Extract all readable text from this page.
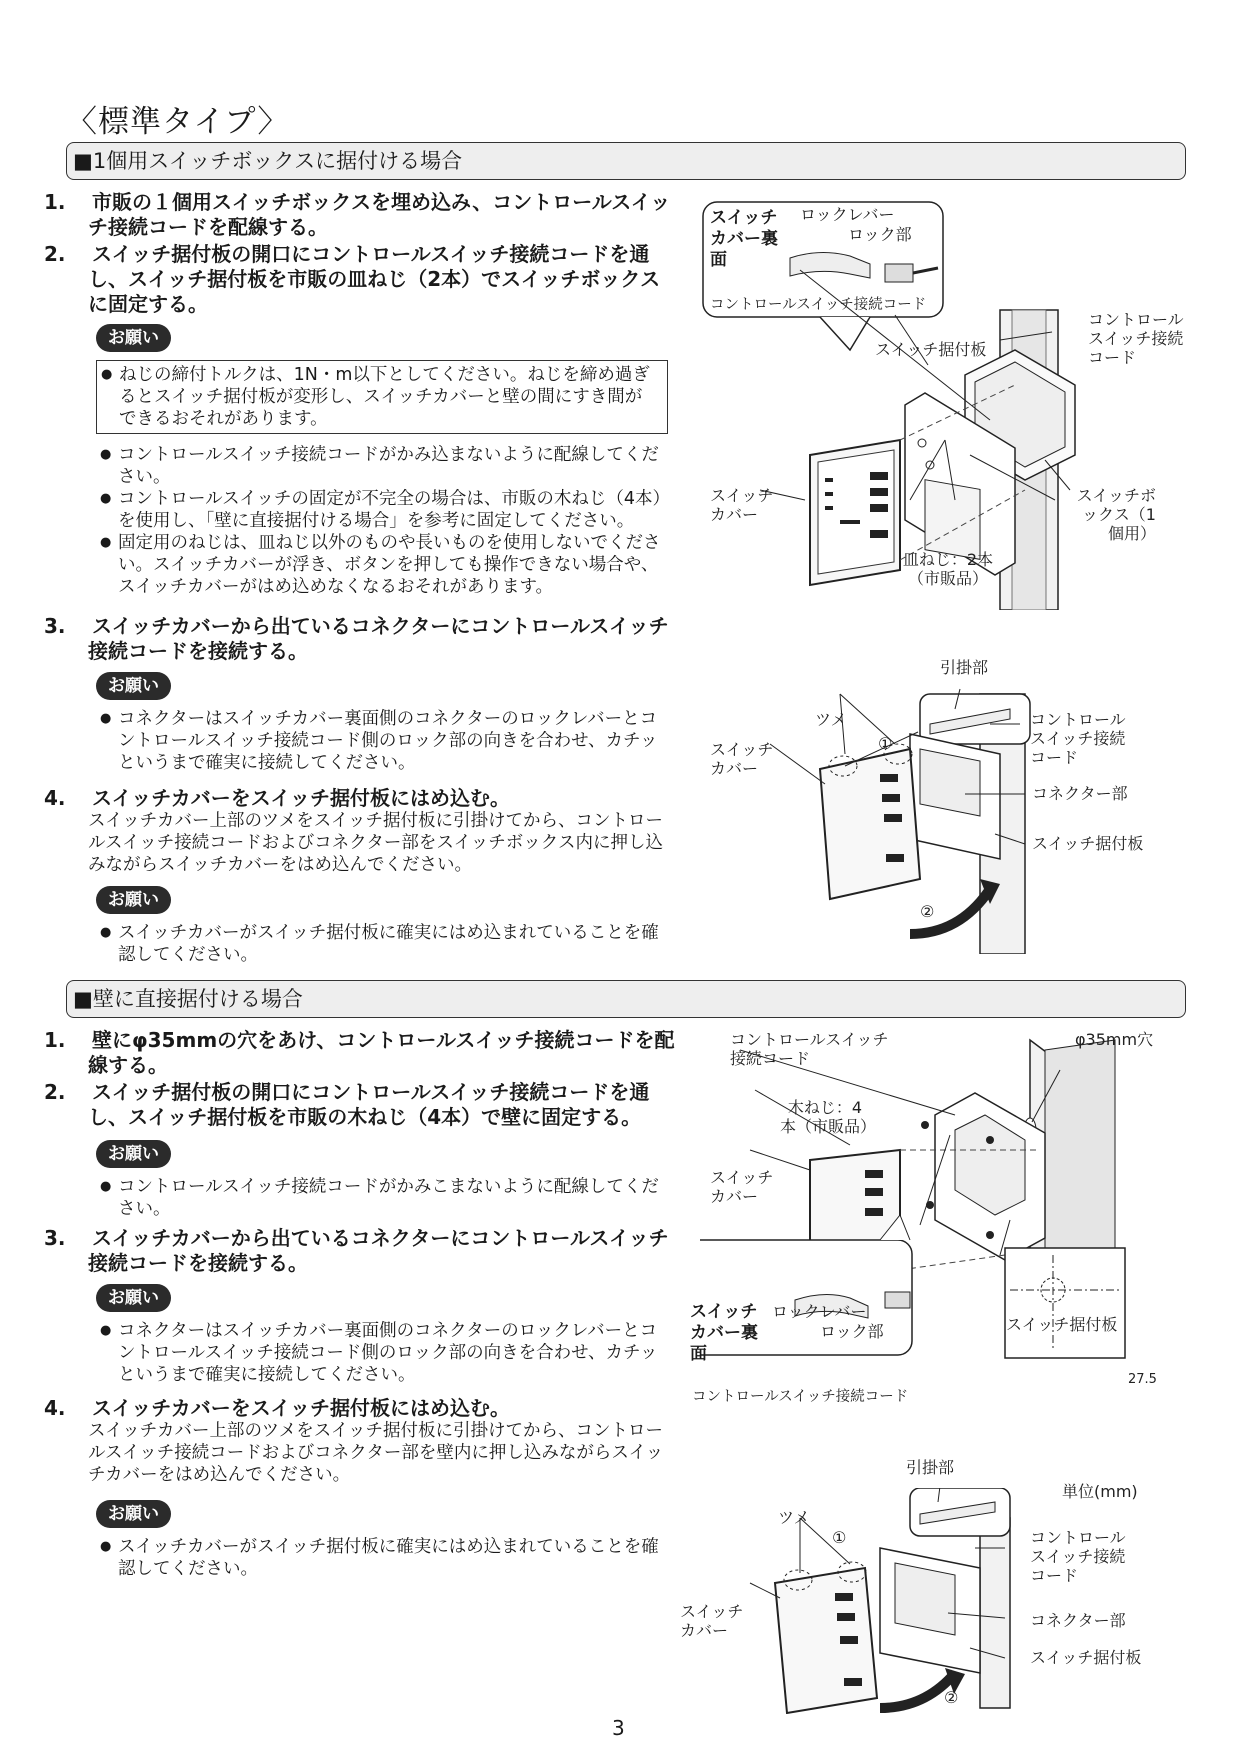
〈標準タイプ〉
■1個用スイッチボックスに据付ける場合
1. 市販の１個用スイッチボックスを埋め込み、コントロールスイッチ接続コードを配線する。
2. スイッチ据付板の開口にコントロールスイッチ接続コードを通し、スイッチ据付板を市販の皿ねじ（2本）でスイッチボックスに固定する。
お願い
● ねじの締付トルクは、1N・m以下としてください。ねじを締め過ぎるとスイッチ据付板が変形し、スイッチカバーと壁の間にすき間ができるおそれがあります。
● コントロールスイッチ接続コードがかみ込まないように配線してください。
● コントロールスイッチの固定が不完全の場合は、市販の木ねじ（4本）を使用し、「壁に直接据付ける場合」を参考に固定してください。
● 固定用のねじは、皿ねじ以外のものや長いものを使用しないでください。スイッチカバーが浮き、ボタンを押しても操作できない場合や、スイッチカバーがはめ込めなくなるおそれがあります。
3. スイッチカバーから出ているコネクターにコントロールスイッチ接続コードを接続する。
お願い
● コネクターはスイッチカバー裏面側のコネクターのロックレバーとコントロールスイッチ接続コード側のロック部の向きを合わせ、カチッというまで確実に接続してください。
4. スイッチカバーをスイッチ据付板にはめ込む。
スイッチカバー上部のツメをスイッチ据付板に引掛けてから、コントロールスイッチ接続コードおよびコネクター部をスイッチボックス内に押し込みながらスイッチカバーをはめ込んでください。
お願い
● スイッチカバーがスイッチ据付板に確実にはめ込まれていることを確認してください。
■壁に直接据付ける場合
1. 壁にφ35mmの穴をあけ、コントロールスイッチ接続コードを配線する。
2. スイッチ据付板の開口にコントロールスイッチ接続コードを通し、スイッチ据付板を市販の木ねじ（4本）で壁に固定する。
お願い
● コントロールスイッチ接続コードがかみこまないように配線してください。
3. スイッチカバーから出ているコネクターにコントロールスイッチ接続コードを接続する。
お願い
● コネクターはスイッチカバー裏面側のコネクターのロックレバーとコントロールスイッチ接続コード側のロック部の向きを合わせ、カチッというまで確実に接続してください。
4. スイッチカバーをスイッチ据付板にはめ込む。
スイッチカバー上部のツメをスイッチ据付板に引掛けてから、コントロールスイッチ接続コードおよびコネクター部を壁内に押し込みながらスイッチカバーをはめ込んでください。
お願い
● スイッチカバーがスイッチ据付板に確実にはめ込まれていることを確認してください。
スイッチカバー裏面
ロックレバー
ロック部
コントロールスイッチ接続コード
スイッチ据付板
コントロールスイッチ接続コード
スイッチカバー
スイッチボックス（1個用）
皿ねじ：2本（市販品）
引掛部
ツメ
①
②
コントロールスイッチ接続コード
スイッチカバー
コネクター部
スイッチ据付板
コントロールスイッチ接続コード
φ35mm穴
木ねじ：4本（市販品）
スイッチカバー
スイッチ据付板
スイッチカバー裏面
ロックレバー
ロック部
コントロールスイッチ接続コード
27.5
単位(mm)
引掛部
ツメ
①
②
コントロールスイッチ接続コード
スイッチカバー
コネクター部
スイッチ据付板
3
